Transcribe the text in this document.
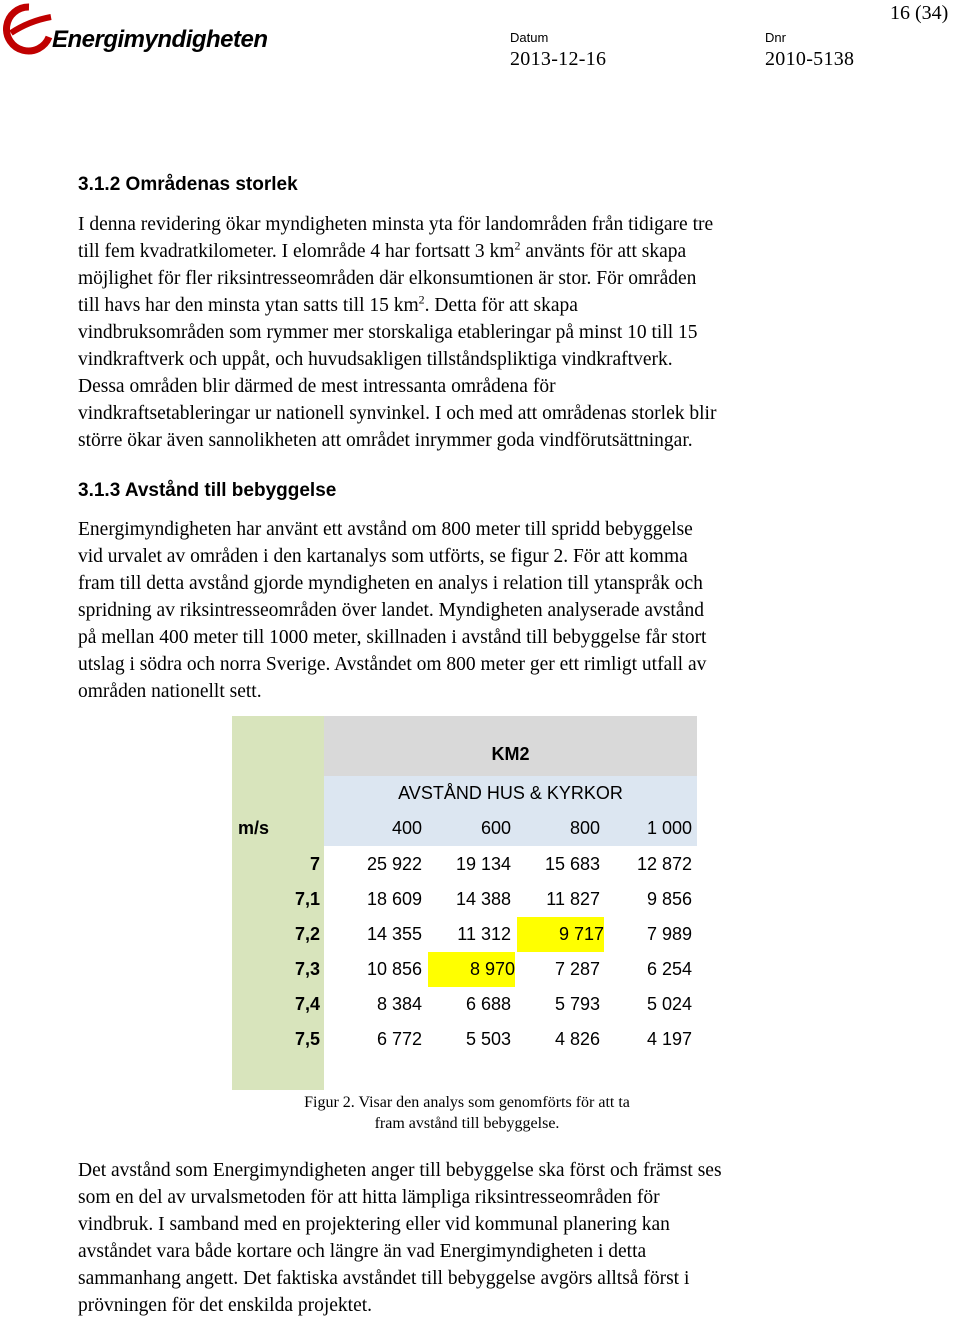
Energimyndigheten
16 (34)
Datum
2013-12-16
Dnr
2010-5138
3.1.2 Områdenas storlek
I denna revidering ökar myndigheten minsta yta för landområden från tidigare tre
till fem kvadratkilometer. I elområde 4 har fortsatt 3 $km^2$ använts för att skapa
möjlighet för fler riksintresseområden där elkonsumtionen är stor. För områden
till havs har den minsta ytan satts till 15 $km^2$. Detta för att skapa
vindbruksområden som rymmer mer storskaliga etableringar på minst 10 till 15
vindkraftverk och uppåt, och huvudsakligen tillståndspliktiga vindkraftverk.
Dessa områden blir därmed de mest intressanta områdena för
vindkraftsetableringar ur nationell synvinkel. I och med att områdenas storlek blir
större ökar även sannolikheten att området inrymmer goda vindförutsättningar.
3.1.3 Avstånd till bebyggelse
Energimyndigheten har använt ett avstånd om 800 meter till spridd bebyggelse
vid urvalet av områden i den kartanalys som utförts, se figur 2. För att komma
fram till detta avstånd gjorde myndigheten en analys i relation till ytanspråk och
spridning av riksintresseområden över landet. Myndigheten analyserade avstånd
på mellan 400 meter till 1000 meter, skillnaden i avstånd till bebyggelse får stort
utslag i södra och norra Sverige. Avståndet om 800 meter ger ett rimligt utfall av
områden nationellt sett.
KM2
AVSTÅND HUS & KYRKOR
m/s	400	600	800	1 000
7	25 922	19 134	15 683	12 872
7,1	18 609	14 388	11 827	9 856
7,2	14 355	11 312	9 717	7 989
7,3	10 856	8 970	7 287	6 254
7,4	8 384	6 688	5 793	5 024
7,5	6 772	5 503	4 826	4 197
Figur 2. Visar den analys som genomförts för att ta
fram avstånd till bebyggelse.
Det avstånd som Energimyndigheten anger till bebyggelse ska först och främst ses
som en del av urvalsmetoden för att hitta lämpliga riksintresseområden för
vindbruk. I samband med en projektering eller vid kommunal planering kan
avståndet vara både kortare och längre än vad Energimyndigheten i detta
sammanhang angett. Det faktiska avståndet till bebyggelse avgörs alltså först i
prövningen för det enskilda projektet.
